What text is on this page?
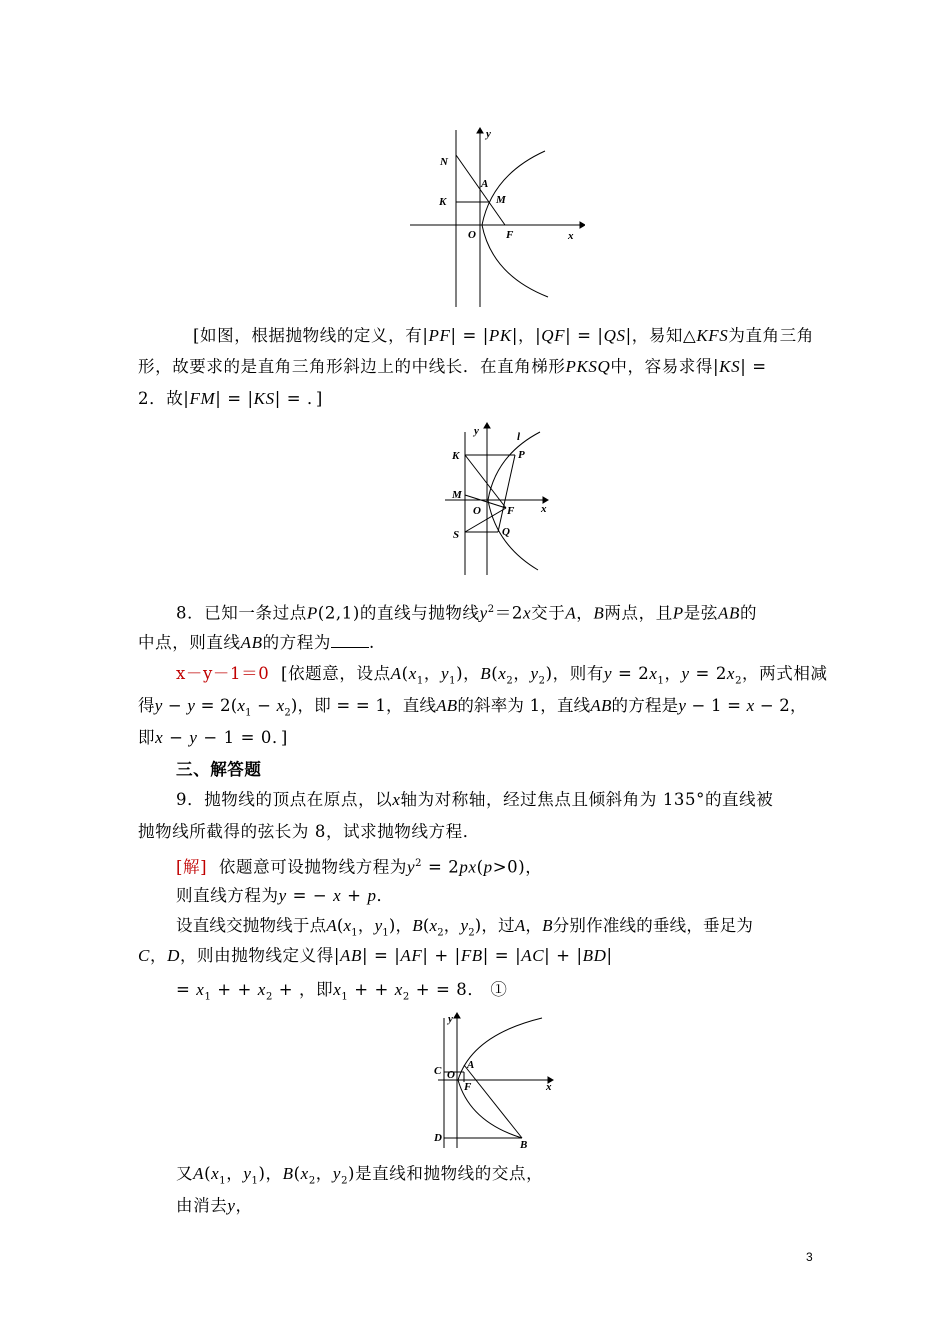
y
N
A
K	M
O	F	x
[如图，根据抛物线的定义，有|PF| = |PK|，|QF| = |QS|，易知△KFS为直角三角
形，故要求的是直角三角形斜边上的中线长．在直角梯形PKSQ中，容易求得|KS| =
2．故|FM| = |KS| = ．]
y	l
K	P
M
O F x
S	Q
8．已知一条过点P(2,1)的直线与抛物线$y^2=2x$交于A，B两点，且P是弦AB的
中点，则直线AB的方程为 .
x－y－1＝0 [依题意，设点$A(x_1$，$y_1$)，$B(x_2$，$y_2$)，则有$y = 2x_1$，$y = 2x_2$，两式相减
得$y - y = 2(x_1 - x_2)$，即 = = 1，直线AB的斜率为 1，直线AB的方程是y − 1 = x − 2，
即x − y − 1 = 0．]
三、解答题
9．抛物线的顶点在原点，以x轴为对称轴，经过焦点且倾斜角为 135°的直线被
抛物线所截得的弦长为 8，试求抛物线方程．
[解] 依题意可设抛物线方程为$y^2 = 2px(p>0)$，
则直线方程为y = − x + p．
设直线交抛物线于点$A(x_1$，$y_1$)，$B(x_2$，$y_2$)，过A，B分别作准线的垂线，垂足为
C，D，则由抛物线定义得|AB| = |AF| + |FB| = |AC| + |BD|
= $x_1$ + + $x_2$ + ，即$x_1$ + + $x_2$ + = 8． ①
y
A
C O
F	x
D
B
又$A(x_1$，$y_1$)，$B(x_2$，$y_2$)是直线和抛物线的交点，
由消去y，
3
